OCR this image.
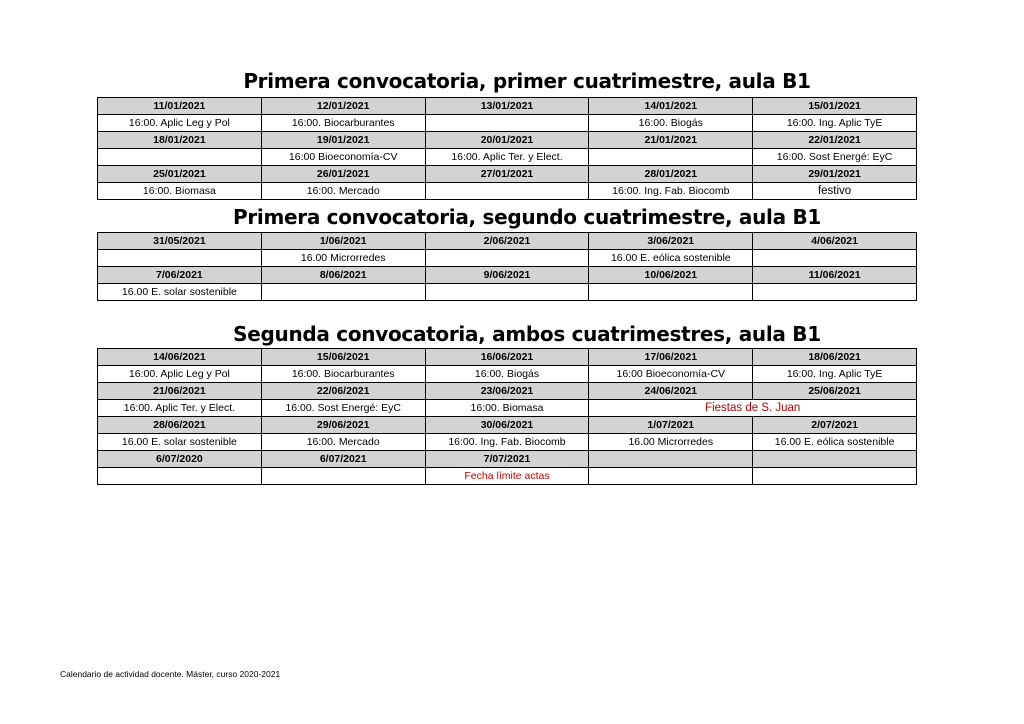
Primera convocatoria, primer cuatrimestre, aula B1
11/01/2021	12/01/2021	13/01/2021	14/01/2021	15/01/2021
16:00. Aplic Leg y Pol	16:00. Biocarburantes		16:00. Biogás	16:00. Ing. Aplic TyE
18/01/2021	19/01/2021	20/01/2021	21/01/2021	22/01/2021
	16:00 Bioeconomía-CV	16:00. Aplic Ter. y Elect.		16:00. Sost Energé: EyC
25/01/2021	26/01/2021	27/01/2021	28/01/2021	29/01/2021
16:00. Biomasa	16:00. Mercado		16:00. Ing. Fab. Biocomb	festivo
Primera convocatoria, segundo cuatrimestre, aula B1
31/05/2021	1/06/2021	2/06/2021	3/06/2021	4/06/2021
	16.00 Microrredes		16.00 E. eólica sostenible	
7/06/2021	8/06/2021	9/06/2021	10/06/2021	11/06/2021
16.00 E. solar sostenible				
Segunda convocatoria, ambos cuatrimestres, aula B1
14/06/2021	15/06/2021	16/06/2021	17/06/2021	18/06/2021
16:00. Aplic Leg y Pol	16:00. Biocarburantes	16:00. Biogás	16:00 Bioeconomía-CV	16:00. Ing. Aplic TyE
21/06/2021	22/06/2021	23/06/2021	24/06/2021	25/06/2021
16:00. Aplic Ter. y Elect.	16:00. Sost Energé: EyC	16:00. Biomasa	Fiestas de S. Juan	
28/06/2021	29/06/2021	30/06/2021	1/07/2021	2/07/2021
16.00 E. solar sostenible	16:00. Mercado	16:00. Ing. Fab. Biocomb	16.00 Microrredes	16.00 E. eólica sostenible
6/07/2020	6/07/2021	7/07/2021		
		Fecha límite actas		
Calendario de actividad docente. Máster, curso 2020-2021
